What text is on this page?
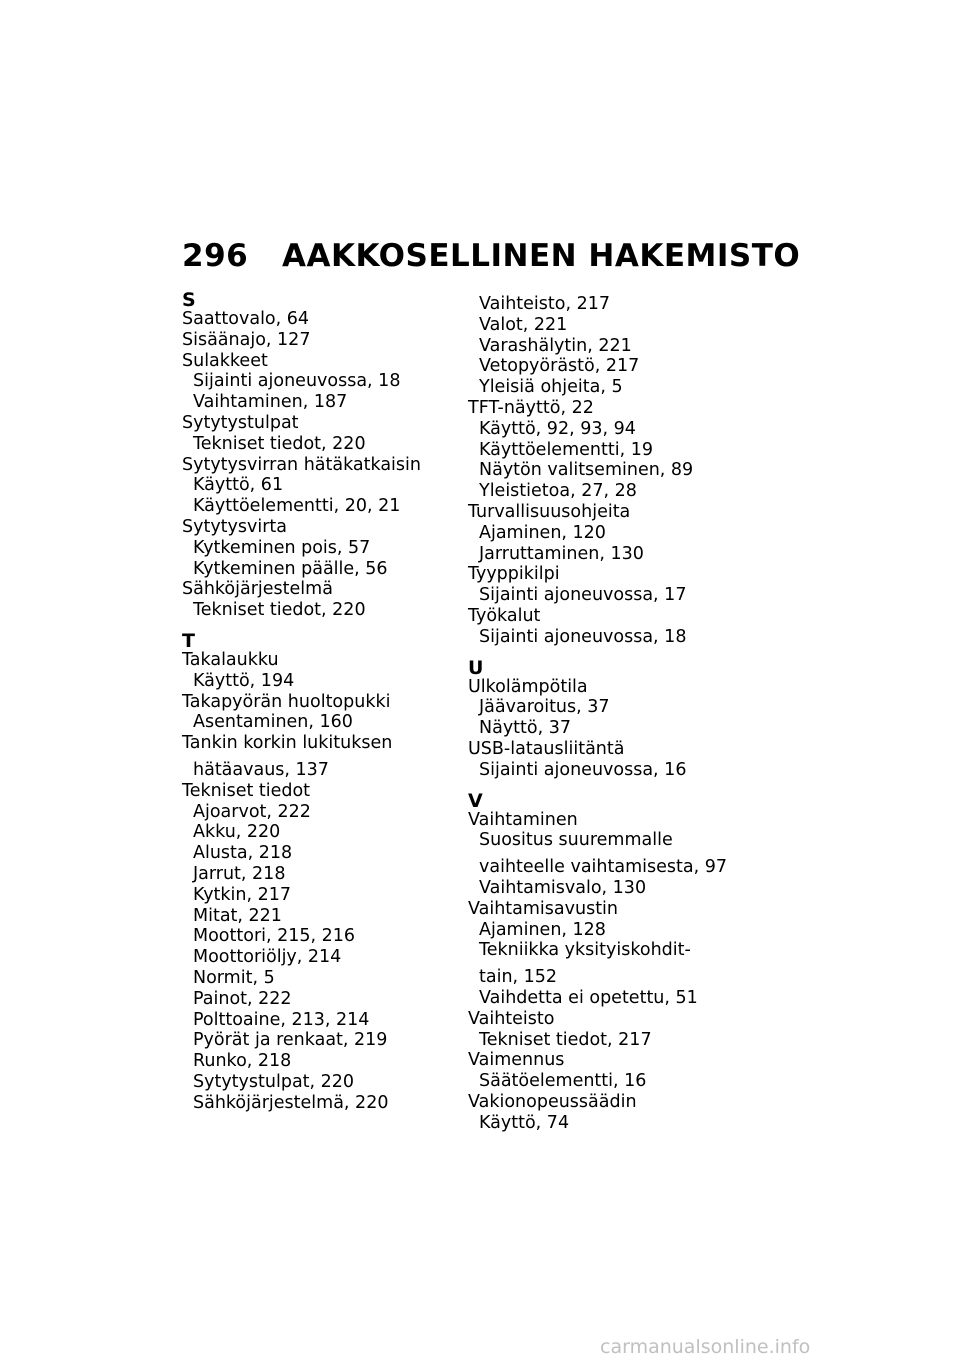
296 AAKKOSELLINEN HAKEMISTO
S
Saattovalo, 64
Sisäänajo, 127
Sulakkeet
Sijainti ajoneuvossa, 18
Vaihtaminen, 187
Sytytystulpat
Tekniset tiedot, 220
Sytytysvirran hätäkatkaisin
Käyttö, 61
Käyttöelementti, 20, 21
Sytytysvirta
Kytkeminen pois, 57
Kytkeminen päälle, 56
Sähköjärjestelmä
Tekniset tiedot, 220
T
Takalaukku
Käyttö, 194
Takapyörän huoltopukki
Asentaminen, 160
Tankin korkin lukituksen
hätäavaus, 137
Tekniset tiedot
Ajoarvot, 222
Akku, 220
Alusta, 218
Jarrut, 218
Kytkin, 217
Mitat, 221
Moottori, 215, 216
Moottoriöljy, 214
Normit, 5
Painot, 222
Polttoaine, 213, 214
Pyörät ja renkaat, 219
Runko, 218
Sytytystulpat, 220
Sähköjärjestelmä, 220
Vaihteisto, 217
Valot, 221
Varashälytin, 221
Vetopyörästö, 217
Yleisiä ohjeita, 5
TFT-näyttö, 22
Käyttö, 92, 93, 94
Käyttöelementti, 19
Näytön valitseminen, 89
Yleistietoa, 27, 28
Turvallisuusohjeita
Ajaminen, 120
Jarruttaminen, 130
Tyyppikilpi
Sijainti ajoneuvossa, 17
Työkalut
Sijainti ajoneuvossa, 18
U
Ulkolämpötila
Jäävaroitus, 37
Näyttö, 37
USB-latausliitäntä
Sijainti ajoneuvossa, 16
V
Vaihtaminen
Suositus suuremmalle
vaihteelle vaihtamisesta, 97
Vaihtamisvalo, 130
Vaihtamisavustin
Ajaminen, 128
Tekniikka yksityiskohdit-
tain, 152
Vaihdetta ei opetettu, 51
Vaihteisto
Tekniset tiedot, 217
Vaimennus
Säätöelementti, 16
Vakionopeussäädin
Käyttö, 74
carmanualsonline.info
